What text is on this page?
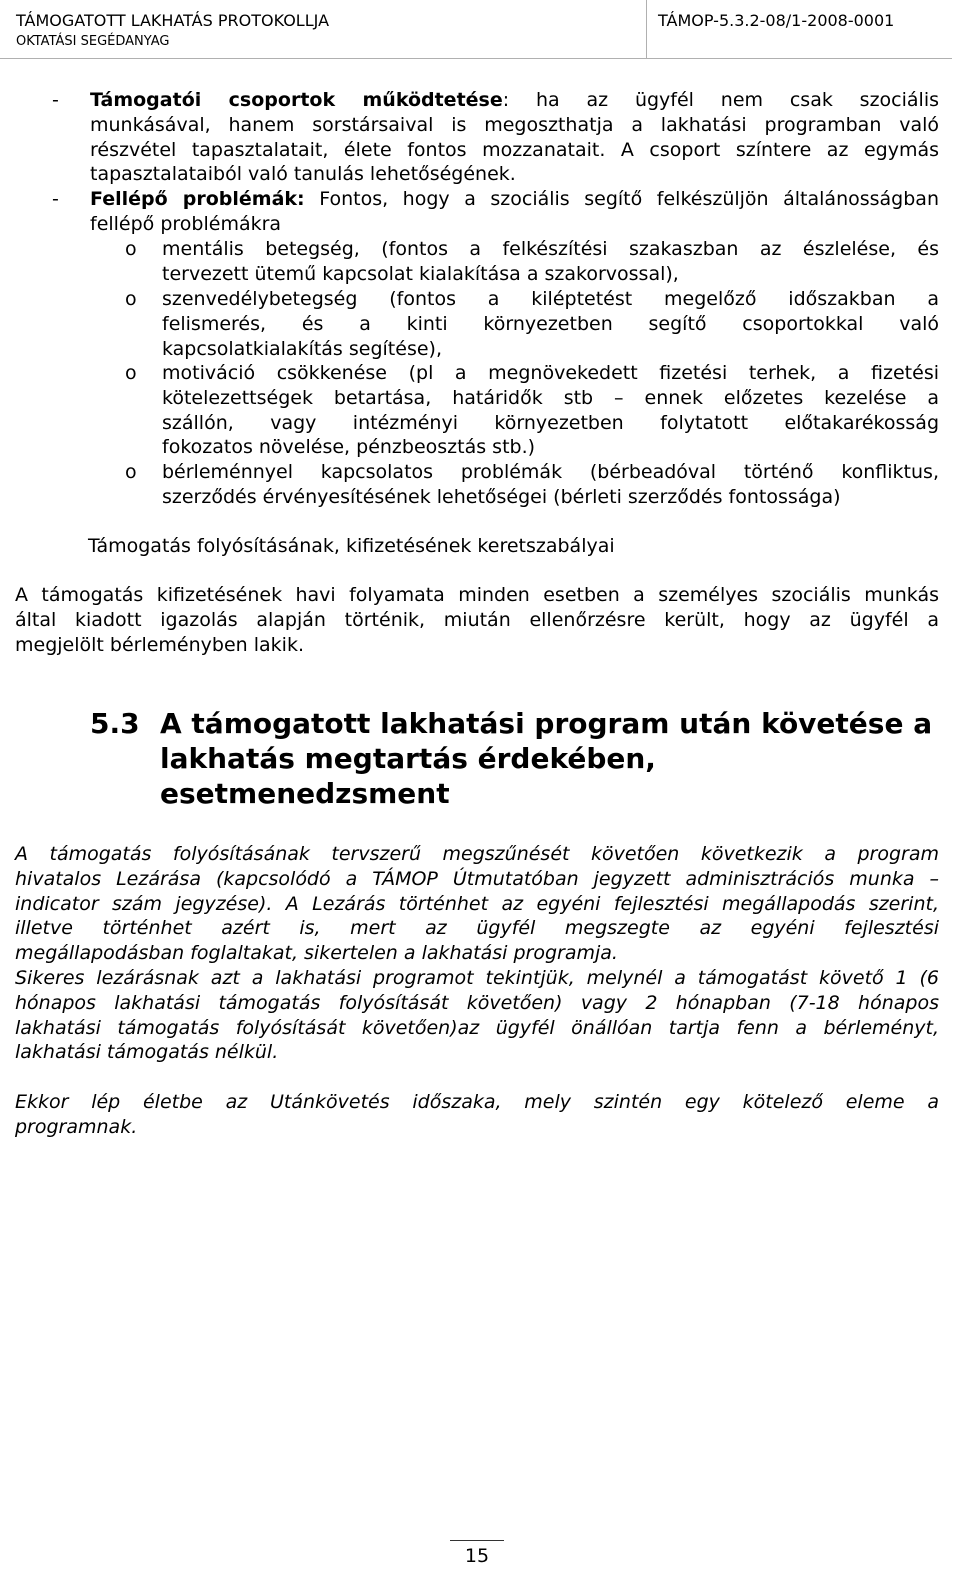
TÁMOGATOTT LAKHATÁS PROTOKOLLJA
OKTATÁSI SEGÉDANYAG
TÁMOP-5.3.2-08/1-2008-0001
- Támogatói csoportok működtetése: ha az ügyfél nem csak szociális

munkásával, hanem sorstársaival is megoszthatja a lakhatási programban való

részvétel tapasztalatait, élete fontos mozzanatait. A csoport színtere az egymás

tapasztalataiból való tanulás lehetőségének.

- Fellépő problémák: Fontos, hogy a szociális segítő felkészüljön általánosságban

fellépő problémákra

o mentális betegség, (fontos a felkészítési szakaszban az észlelése, és

tervezett ütemű kapcsolat kialakítása a szakorvossal),

o szenvedélybetegség (fontos a kiléptetést megelőző időszakban a

felismerés, és a kinti környezetben segítő csoportokkal való

kapcsolatkialakítás segítése),

o motiváció csökkenése (pl a megnövekedett fizetési terhek, a fizetési

kötelezettségek betartása, határidők stb – ennek előzetes kezelése a

szállón, vagy intézményi környezetben folytatott előtakarékosság

fokozatos növelése, pénzbeosztás stb.)

o bérleménnyel kapcsolatos problémák (bérbeadóval történő konfliktus,

szerződés érvényesítésének lehetőségei (bérleti szerződés fontossága)

Támogatás folyósításának, kifizetésének keretszabályai

A támogatás kifizetésének havi folyamata minden esetben a személyes szociális munkás

által kiadott igazolás alapján történik, miután ellenőrzésre került, hogy az ügyfél a

megjelölt bérleményben lakik.

5.3 A támogatott lakhatási program után követése a
lakhatás megtartás érdekében,
esetmenedzsment

A támogatás folyósításának tervszerű megszűnését követően következik a program

hivatalos Lezárása (kapcsolódó a TÁMOP Útmutatóban jegyzett adminisztrációs munka –

indicator szám jegyzése). A Lezárás történhet az egyéni fejlesztési megállapodás szerint,

illetve történhet azért is, mert az ügyfél megszegte az egyéni fejlesztési

megállapodásban foglaltakat, sikertelen a lakhatási programja.

Sikeres lezárásnak azt a lakhatási programot tekintjük, melynél a támogatást követő 1 (6

hónapos lakhatási támogatás folyósítását követően) vagy 2 hónapban (7-18 hónapos

lakhatási támogatás folyósítását követően)az ügyfél önállóan tartja fenn a bérleményt,

lakhatási támogatás nélkül.

Ekkor lép életbe az Utánkövetés időszaka, mely szintén egy kötelező eleme a

programnak.

15
